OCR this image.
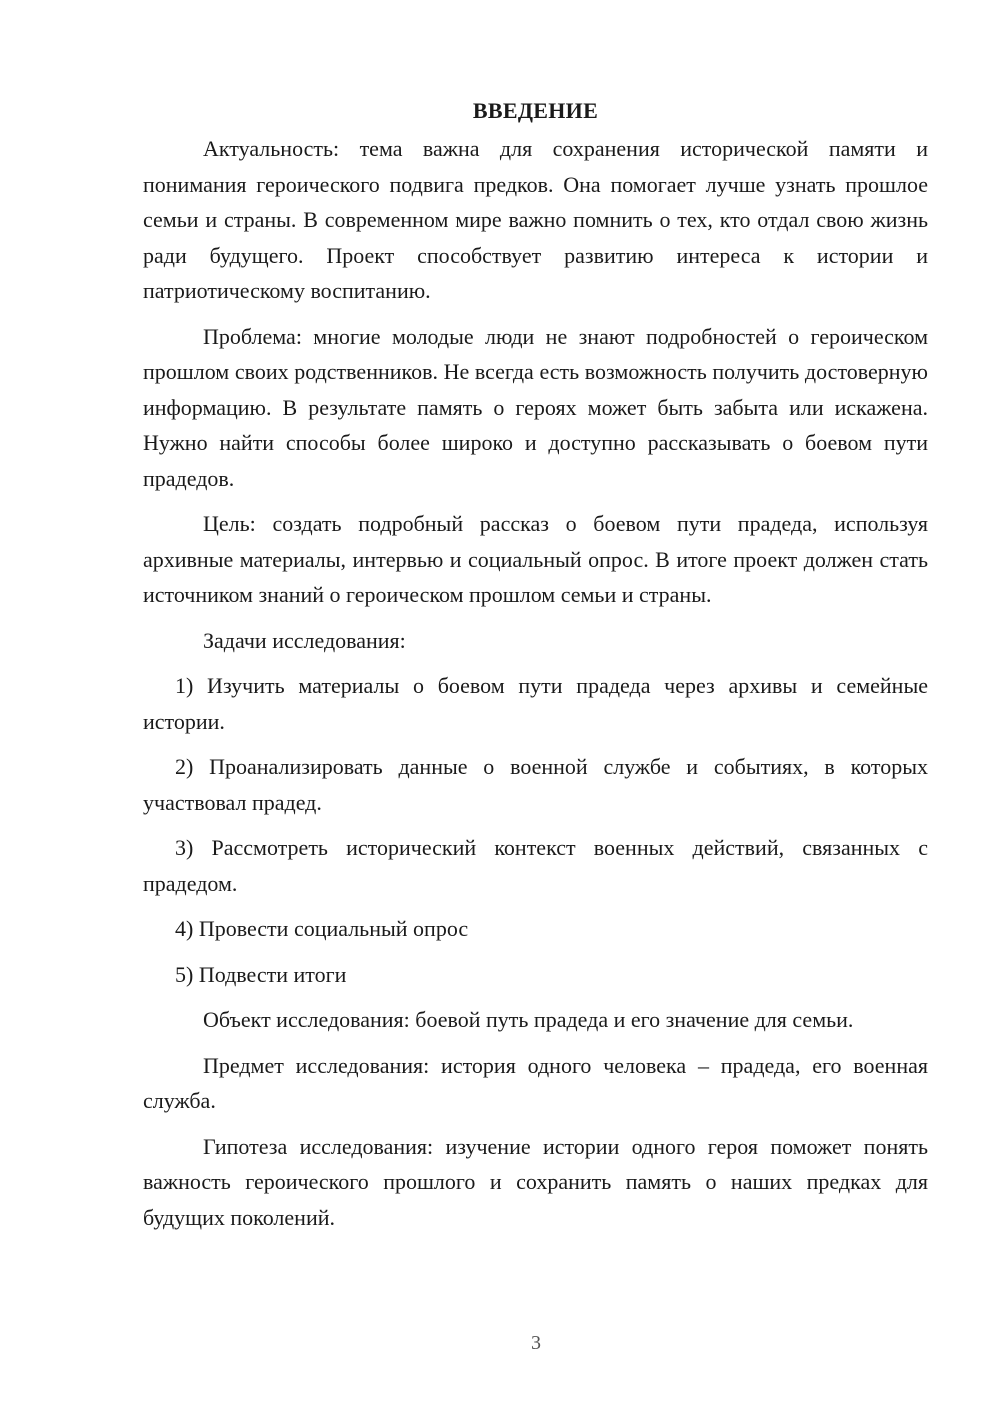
ВВЕДЕНИЕ

Актуальность: тема важна для сохранения исторической памяти и понимания героического подвига предков. Она помогает лучше узнать прошлое семьи и страны. В современном мире важно помнить о тех, кто отдал свою жизнь ради будущего. Проект способствует развитию интереса к истории и патриотическому воспитанию.

Проблема: многие молодые люди не знают подробностей о героическом прошлом своих родственников. Не всегда есть возможность получить достоверную информацию. В результате память о героях может быть забыта или искажена. Нужно найти способы более широко и доступно рассказывать о боевом пути прадедов.

Цель: создать подробный рассказ о боевом пути прадеда, используя архивные материалы, интервью и социальный опрос. В итоге проект должен стать источником знаний о героическом прошлом семьи и страны.

Задачи исследования:

1) Изучить материалы о боевом пути прадеда через архивы и семейные истории.

2) Проанализировать данные о военной службе и событиях, в которых участвовал прадед.

3) Рассмотреть исторический контекст военных действий, связанных с прадедом.

4) Провести социальный опрос

5) Подвести итоги

Объект исследования: боевой путь прадеда и его значение для семьи.

Предмет исследования: история одного человека – прадеда, его военная служба.

Гипотеза исследования: изучение истории одного героя поможет понять важность героического прошлого и сохранить память о наших предках для будущих поколений.

3
